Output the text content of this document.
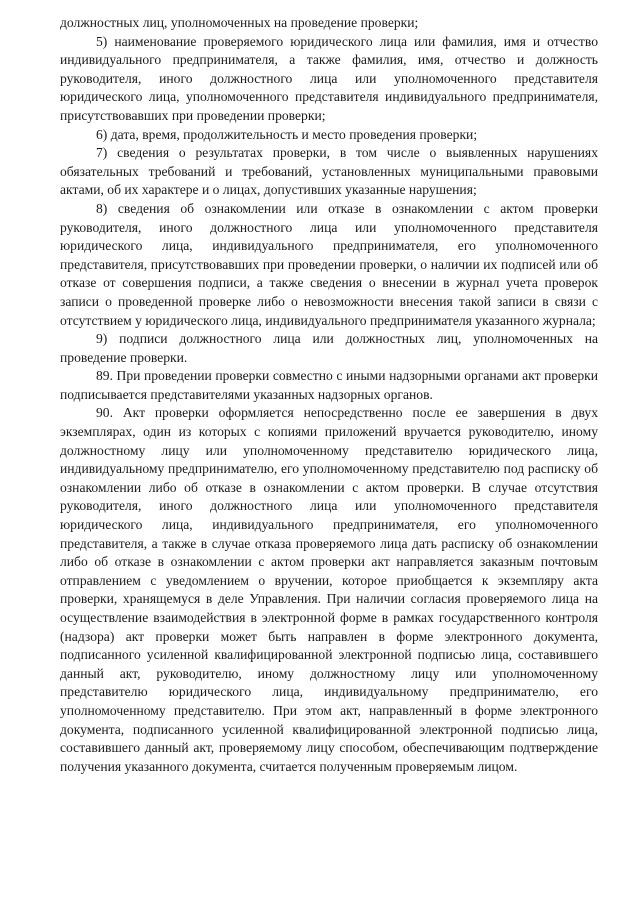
должностных лиц, уполномоченных на проведение проверки;

5) наименование проверяемого юридического лица или фамилия, имя и отчество индивидуального предпринимателя, а также фамилия, имя, отчество и должность руководителя, иного должностного лица или уполномоченного представителя юридического лица, уполномоченного представителя индивидуального предпринимателя, присутствовавших при проведении проверки;

6) дата, время, продолжительность и место проведения проверки;

7) сведения о результатах проверки, в том числе о выявленных нарушениях обязательных требований и требований, установленных муниципальными правовыми актами, об их характере и о лицах, допустивших указанные нарушения;

8) сведения об ознакомлении или отказе в ознакомлении с актом проверки руководителя, иного должностного лица или уполномоченного представителя юридического лица, индивидуального предпринимателя, его уполномоченного представителя, присутствовавших при проведении проверки, о наличии их подписей или об отказе от совершения подписи, а также сведения о внесении в журнал учета проверок записи о проведенной проверке либо о невозможности внесения такой записи в связи с отсутствием у юридического лица, индивидуального предпринимателя указанного журнала;

9) подписи должностного лица или должностных лиц, уполномоченных на проведение проверки.

89. При проведении проверки совместно с иными надзорными органами акт проверки подписывается представителями указанных надзорных органов.

90. Акт проверки оформляется непосредственно после ее завершения в двух экземплярах, один из которых с копиями приложений вручается руководителю, иному должностному лицу или уполномоченному представителю юридического лица, индивидуальному предпринимателю, его уполномоченному представителю под расписку об ознакомлении либо об отказе в ознакомлении с актом проверки. В случае отсутствия руководителя, иного должностного лица или уполномоченного представителя юридического лица, индивидуального предпринимателя, его уполномоченного представителя, а также в случае отказа проверяемого лица дать расписку об ознакомлении либо об отказе в ознакомлении с актом проверки акт направляется заказным почтовым отправлением с уведомлением о вручении, которое приобщается к экземпляру акта проверки, хранящемуся в деле Управления. При наличии согласия проверяемого лица на осуществление взаимодействия в электронной форме в рамках государственного контроля (надзора) акт проверки может быть направлен в форме электронного документа, подписанного усиленной квалифицированной электронной подписью лица, составившего данный акт, руководителю, иному должностному лицу или уполномоченному представителю юридического лица, индивидуальному предпринимателю, его уполномоченному представителю. При этом акт, направленный в форме электронного документа, подписанного усиленной квалифицированной электронной подписью лица, составившего данный акт, проверяемому лицу способом, обеспечивающим подтверждение получения указанного документа, считается полученным проверяемым лицом.
